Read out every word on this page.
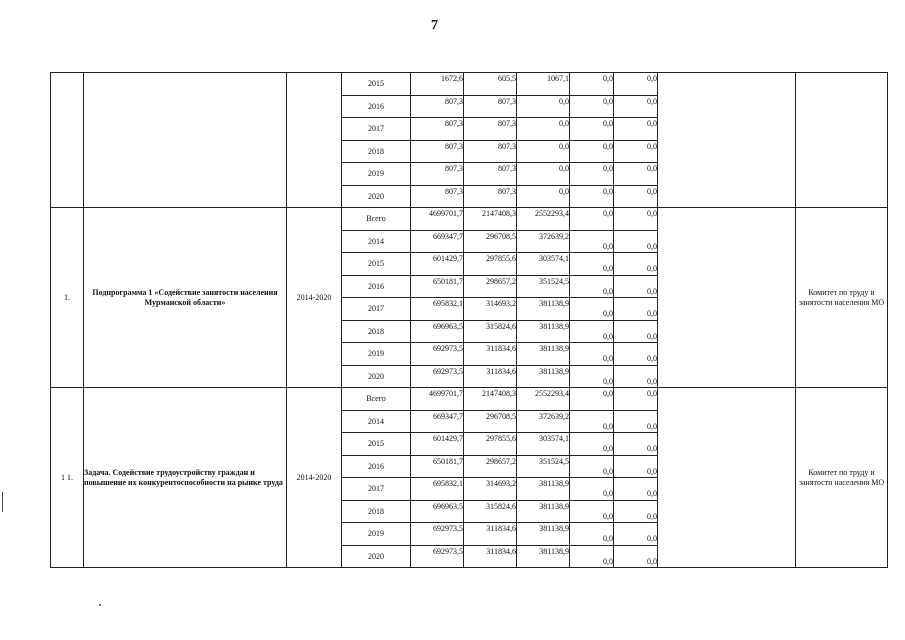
7
			2015	1672,6	605,5	1067,1	0,0	0,0		
			2016	807,3	807,3	0,0	0,0	0,0		
			2017	807,3	807,3	0,0	0,0	0,0		
			2018	807,3	807,3	0,0	0,0	0,0		
			2019	807,3	807,3	0,0	0,0	0,0		
			2020	807,3	807,3	0,0	0,0	0,0		
1.	Подпрограмма 1 «Содействие занятости населения Мурманской области»	2014-2020	Всего	4699701,7	2147408,3	2552293,4	0,0	0,0		Комитет по труду и занятости населения МО
			2014	669347,7	296708,5	372639,2	0,0	0,0		
			2015	601429,7	297855,6	303574,1	0,0	0,0		
			2016	650181,7	298657,2	351524,5	0,0	0,0		
			2017	695832,1	314693,2	381138,9	0,0	0,0		
			2018	696963,5	315824,6	381138,9	0,0	0,0		
			2019	692973,5	311834,6	381138,9	0,0	0,0		
			2020	692973,5	311834,6	381138,9	0,0	0,0		
1 1.	Задача. Содействие трудоустройству граждан и повышение их конкурентоспособности на рынке труда	2014-2020	Всего	4699701,7	2147408,3	2552293,4	0,0	0,0		Комитет по труду и занятости населения МО
			2014	669347,7	296708,5	372639,2	0,0	0,0		
			2015	601429,7	297855,6	303574,1	0,0	0,0		
			2016	650181,7	298657,2	351524,5	0,0	0,0		
			2017	695832,1	314693,2	381138,9	0,0	0,0		
			2018	696963,5	315824,6	381138,9	0,0	0,0		
			2019	692973,5	311834,6	381138,9	0,0	0,0		
			2020	692973,5	311834,6	381138,9	0,0	0,0		
